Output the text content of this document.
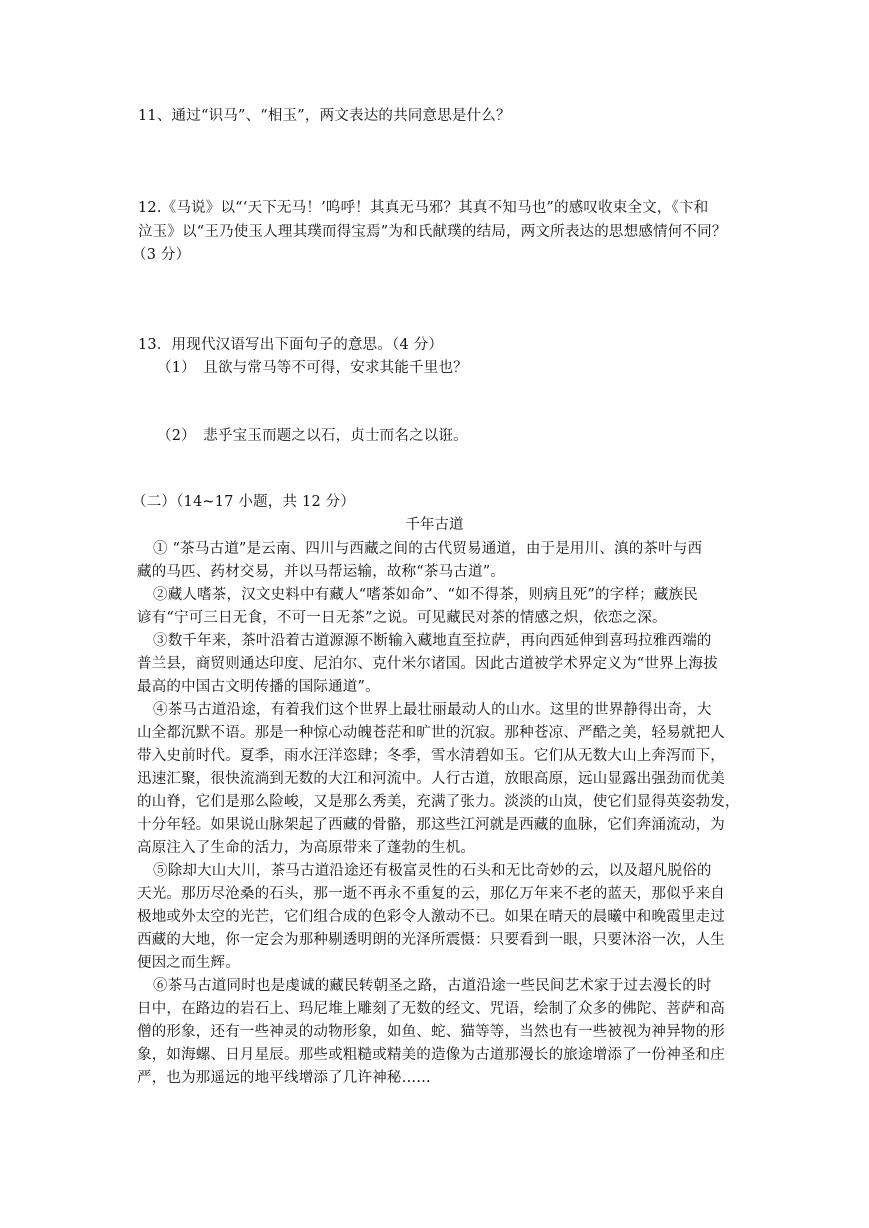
11、通过“识马”、“相玉”，两文表达的共同意思是什么？
12.《马说》以“‘天下无马！’呜呼！其真无马邪？其真不知马也”的感叹收束全文，《卞和
泣玉》以“王乃使玉人理其璞而得宝焉”为和氏献璞的结局，两文所表达的思想感情何不同？
（3 分）
13．用现代汉语写出下面句子的意思。（4 分）
（1）　且欲与常马等不可得，安求其能千里也？
（2）　悲乎宝玉而题之以石，贞士而名之以诳。
（二）（14~17 小题，共 12 分）
千年古道
① “茶马古道”是云南、四川与西藏之间的古代贸易通道，由于是用川、滇的茶叶与西
藏的马匹、药材交易，并以马帮运输，故称“茶马古道”。
②藏人嗜茶，汉文史料中有藏人“嗜茶如命”、“如不得茶，则病且死”的字样；藏族民
谚有“宁可三日无食，不可一日无茶”之说。可见藏民对茶的情感之炽，依恋之深。
③数千年来，茶叶沿着古道源源不断输入藏地直至拉萨，再向西延伸到喜玛拉雅西端的
普兰县，商贸则通达印度、尼泊尔、克什米尔诸国。因此古道被学术界定义为“世界上海拔
最高的中国古文明传播的国际通道”。
④茶马古道沿途，有着我们这个世界上最壮丽最动人的山水。这里的世界静得出奇，大
山全都沉默不语。那是一种惊心动魄苍茫和旷世的沉寂。那种苍凉、严酷之美，轻易就把人
带入史前时代。夏季，雨水汪洋恣肆；冬季，雪水清碧如玉。它们从无数大山上奔泻而下，
迅速汇聚，很快流淌到无数的大江和河流中。人行古道，放眼高原，远山显露出强劲而优美
的山脊，它们是那么险峻，又是那么秀美，充满了张力。淡淡的山岚，使它们显得英姿勃发，
十分年轻。如果说山脉架起了西藏的骨骼，那这些江河就是西藏的血脉，它们奔涌流动，为
高原注入了生命的活力，为高原带来了蓬勃的生机。
⑤除却大山大川，茶马古道沿途还有极富灵性的石头和无比奇妙的云，以及超凡脱俗的
天光。那历尽沧桑的石头，那一逝不再永不重复的云，那亿万年来不老的蓝天，那似乎来自
极地或外太空的光芒，它们组合成的色彩令人激动不已。如果在晴天的晨曦中和晚霞里走过
西藏的大地，你一定会为那种剔透明朗的光泽所震慑：只要看到一眼，只要沐浴一次，人生
便因之而生辉。
⑥茶马古道同时也是虔诚的藏民转朝圣之路，古道沿途一些民间艺术家于过去漫长的时
日中，在路边的岩石上、玛尼堆上雕刻了无数的经文、咒语，绘制了众多的佛陀、菩萨和高
僧的形象，还有一些神灵的动物形象，如鱼、蛇、猫等等，当然也有一些被视为神异物的形
象，如海螺、日月星辰。那些或粗糙或精美的造像为古道那漫长的旅途增添了一份神圣和庄
严，也为那遥远的地平线增添了几许神秘……
